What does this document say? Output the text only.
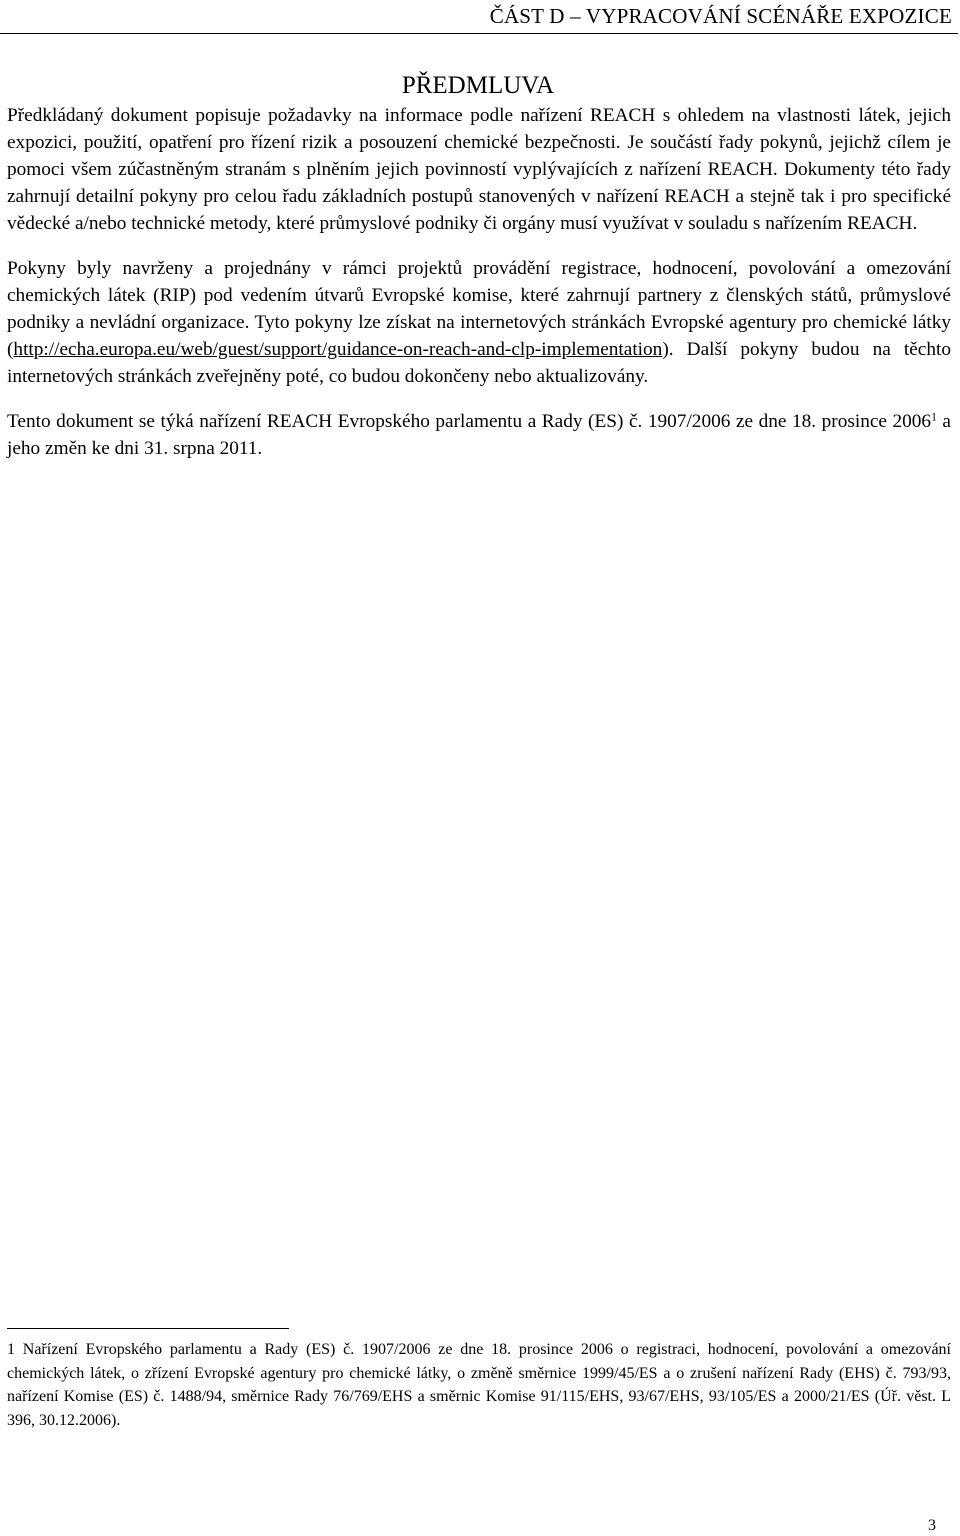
ČÁST D – VYPRACOVÁNÍ SCÉNÁŘE EXPOZICE
PŘEDMLUVA

Předkládaný dokument popisuje požadavky na informace podle nařízení REACH s ohledem na vlastnosti látek, jejich expozici, použití, opatření pro řízení rizik a posouzení chemické bezpečnosti. Je součástí řady pokynů, jejichž cílem je pomoci všem zúčastněným stranám s plněním jejich povinností vyplývajících z nařízení REACH. Dokumenty této řady zahrnují detailní pokyny pro celou řadu základních postupů stanovených v nařízení REACH a stejně tak i pro specifické vědecké a/nebo technické metody, které průmyslové podniky či orgány musí využívat v souladu s nařízením REACH.

Pokyny byly navrženy a projednány v rámci projektů provádění registrace, hodnocení, povolování a omezování chemických látek (RIP) pod vedením útvarů Evropské komise, které zahrnují partnery z členských států, průmyslové podniky a nevládní organizace. Tyto pokyny lze získat na internetových stránkách Evropské agentury pro chemické látky (http://echa.europa.eu/web/guest/support/guidance-on-reach-and-clp-implementation). Další pokyny budou na těchto internetových stránkách zveřejněny poté, co budou dokončeny nebo aktualizovány.

Tento dokument se týká nařízení REACH Evropského parlamentu a Rady (ES) č. 1907/2006 ze dne 18. prosince 2006$^1$ a jeho změn ke dni 31. srpna 2011.

1 Nařízení Evropského parlamentu a Rady (ES) č. 1907/2006 ze dne 18. prosince 2006 o registraci, hodnocení, povolování a omezování chemických látek, o zřízení Evropské agentury pro chemické látky, o změně směrnice 1999/45/ES a o zrušení nařízení Rady (EHS) č. 793/93, nařízení Komise (ES) č. 1488/94, směrnice Rady 76/769/EHS a směrnic Komise 91/115/EHS, 93/67/EHS, 93/105/ES a 2000/21/ES (Úř. věst. L 396, 30.12.2006).
3
